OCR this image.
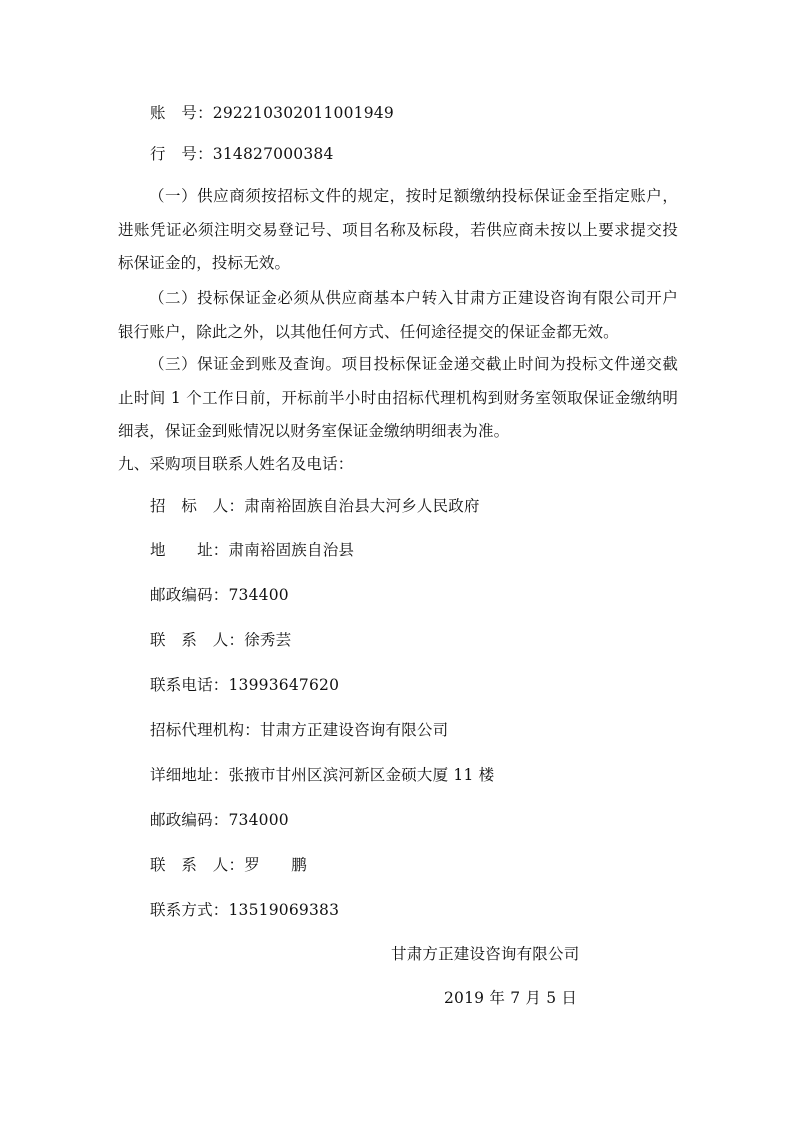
账　号：292210302011001949
行　号：314827000384
（一）供应商须按招标文件的规定，按时足额缴纳投标保证金至指定账户，进账凭证必须注明交易登记号、项目名称及标段，若供应商未按以上要求提交投标保证金的，投标无效。
（二）投标保证金必须从供应商基本户转入甘肃方正建设咨询有限公司开户银行账户，除此之外，以其他任何方式、任何途径提交的保证金都无效。
（三）保证金到账及查询。项目投标保证金递交截止时间为投标文件递交截止时间 1 个工作日前，开标前半小时由招标代理机构到财务室领取保证金缴纳明细表，保证金到账情况以财务室保证金缴纳明细表为准。
九、采购项目联系人姓名及电话：
招　标　人：肃南裕固族自治县大河乡人民政府
地　　址：肃南裕固族自治县
邮政编码：734400
联　系　人：徐秀芸
联系电话：13993647620
招标代理机构：甘肃方正建设咨询有限公司
详细地址：张掖市甘州区滨河新区金硕大厦 11 楼
邮政编码：734000
联　系　人：罗　　鹏
联系方式：13519069383
甘肃方正建设咨询有限公司
2019 年 7 月 5 日
